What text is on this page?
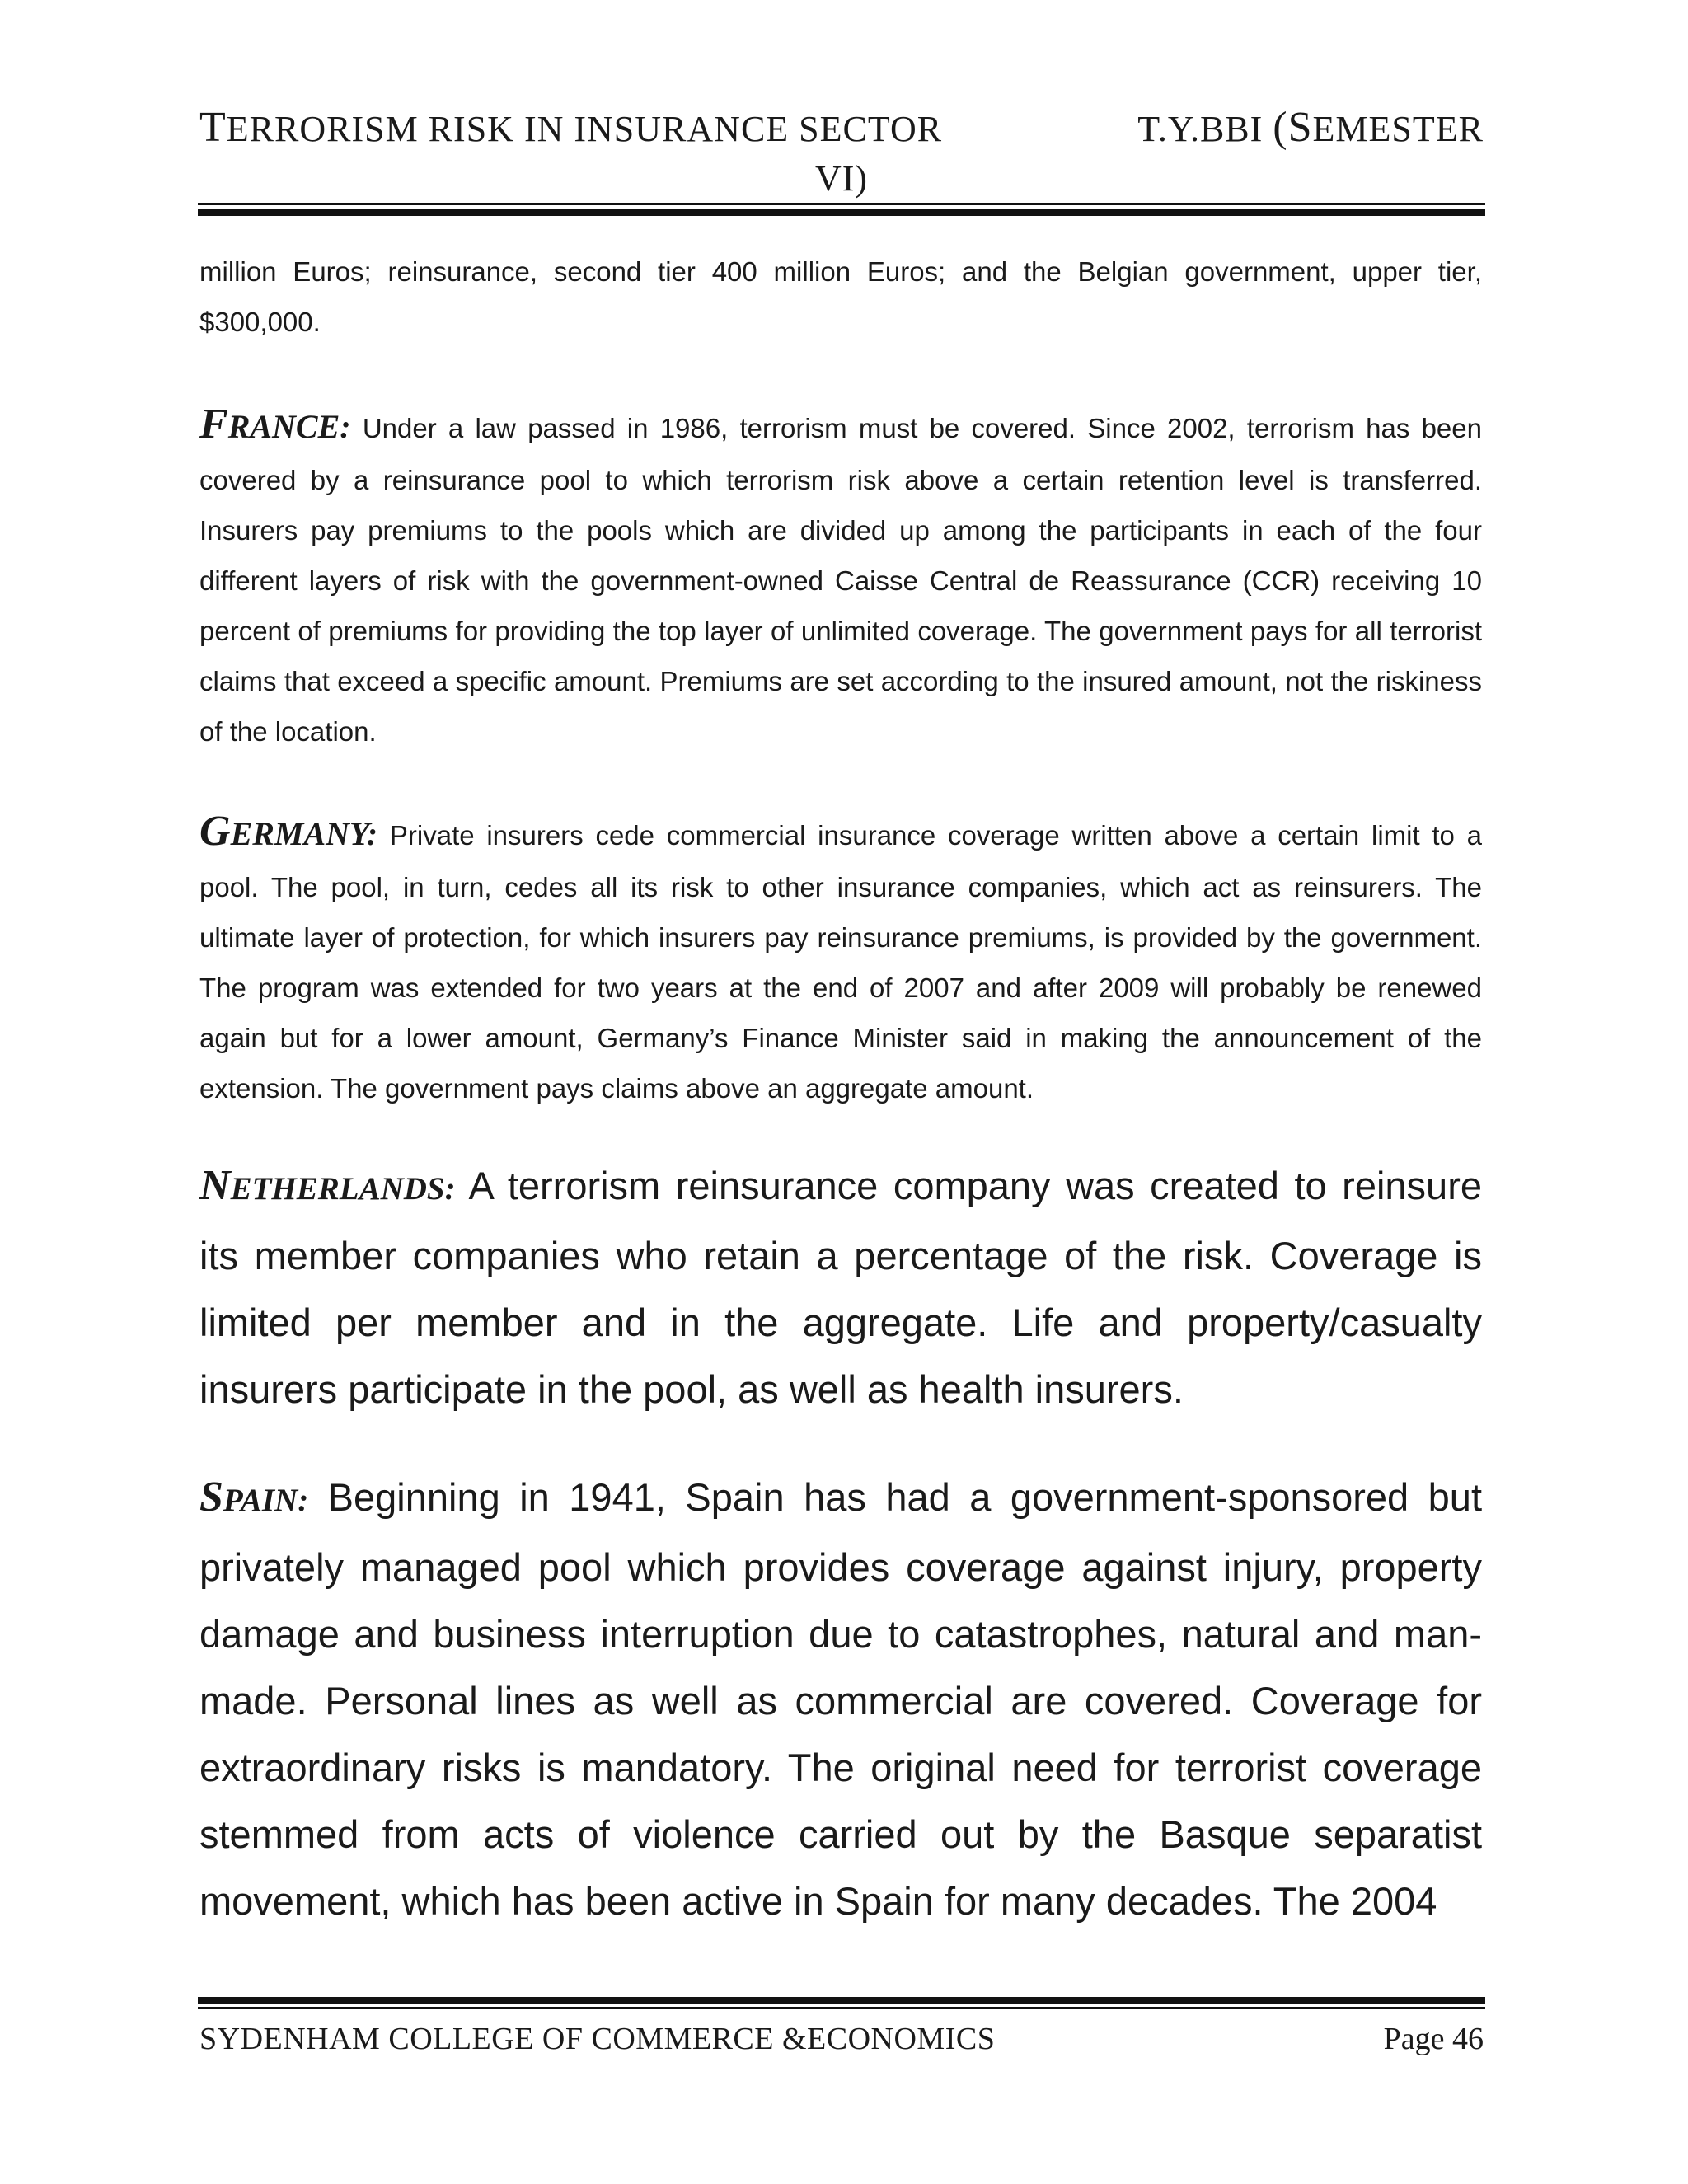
TERRORISM RISK IN INSURANCE SECTOR	T.Y.BBI (SEMESTER
VI)

million Euros; reinsurance, second tier 400 million Euros; and the Belgian government, upper tier, $300,000.

FRANCE: Under a law passed in 1986, terrorism must be covered. Since 2002, terrorism has been covered by a reinsurance pool to which terrorism risk above a certain retention level is transferred. Insurers pay premiums to the pools which are divided up among the participants in each of the four different layers of risk with the government-owned Caisse Central de Reassurance (CCR) receiving 10 percent of premiums for providing the top layer of unlimited coverage. The government pays for all terrorist claims that exceed a specific amount. Premiums are set according to the insured amount, not the riskiness of the location.

GERMANY: Private insurers cede commercial insurance coverage written above a certain limit to a pool. The pool, in turn, cedes all its risk to other insurance companies, which act as reinsurers. The ultimate layer of protection, for which insurers pay reinsurance premiums, is provided by the government. The program was extended for two years at the end of 2007 and after 2009 will probably be renewed again but for a lower amount, Germany’s Finance Minister said in making the announcement of the extension. The government pays claims above an aggregate amount.

NETHERLANDS: A terrorism reinsurance company was created to reinsure its member companies who retain a percentage of the risk. Coverage is limited per member and in the aggregate. Life and property/casualty insurers participate in the pool, as well as health insurers.

SPAIN: Beginning in 1941, Spain has had a government-sponsored but privately managed pool which provides coverage against injury, property damage and business interruption due to catastrophes, natural and man-made. Personal lines as well as commercial are covered. Coverage for extraordinary risks is mandatory. The original need for terrorist coverage stemmed from acts of violence carried out by the Basque separatist movement, which has been active in Spain for many decades. The 2004

SYDENHAM COLLEGE OF COMMERCE &ECONOMICS	Page 46
